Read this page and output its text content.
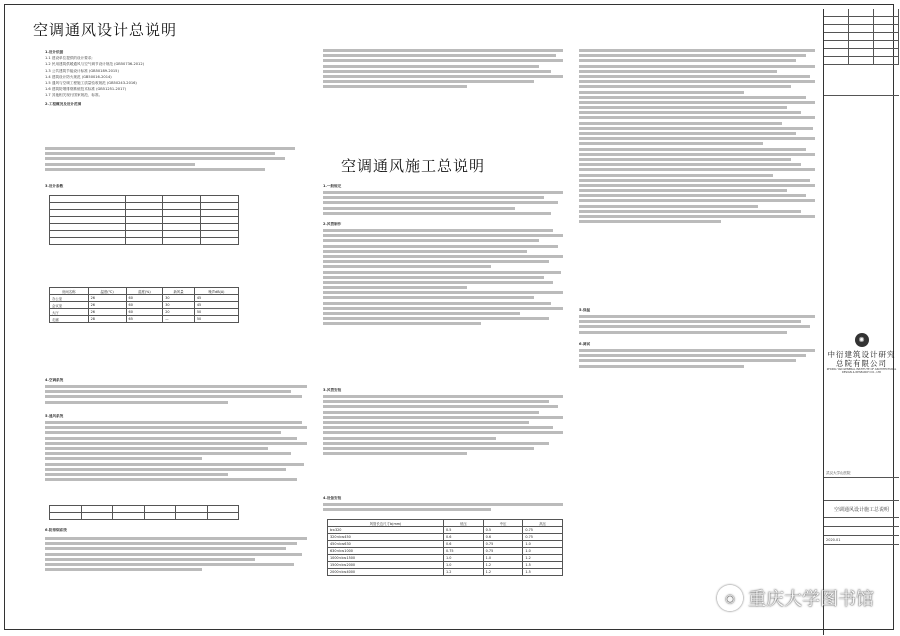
空调通风设计总说明

1.设计依据

1.1 建设单位提供的设计要求;

1.2 民用建筑供暖通风与空气调节设计规范 (GB50736-2012)

1.3 公共建筑节能设计标准 (GB50189-2015)

1.4 建筑设计防火规范 (GB50016-2014)

1.5 通风与空调工程施工质量验收规范 (GB50243-2016)

1.6 建筑防烟排烟系统技术标准 (GB51251-2017)

1.7 其他相关现行国家规范、标准。

2.工程概况及设计范围

3.设计参数

房间名称	温度(℃)	湿度(%)	新风量	噪声dB(A)
办公室	26	60	30	45
会议室	26	60	30	45
大厅	26	60	20	50
走廊	28	65	—	50

4.空调系统

5.通风系统

6.防排烟系统

空调通风施工总说明

1.一般规定

2.风管制作

3.风管安装

4.设备安装

风管长边尺寸b(mm)	低压	中压	高压
b≤320	0.5	0.5	0.75
320<b≤450	0.6	0.6	0.75
450<b≤630	0.6	0.75	1.0
630<b≤1000	0.75	0.75	1.0
1000<b≤1500	1.0	1.0	1.2
1500<b≤2000	1.0	1.2	1.5
2000<b≤4000	1.2	1.2	1.5

5.保温

6.调试	✺
中衍建筑设计研究总院有限公司
ZHONG YAN GENERAL INSTITUTE OF ARCHITECTURAL DESIGN & RESEARCH CO., LTD
武汉大学山医院
空调通风设计施工总说明
2020.01
◉ 重庆大学图书馆
